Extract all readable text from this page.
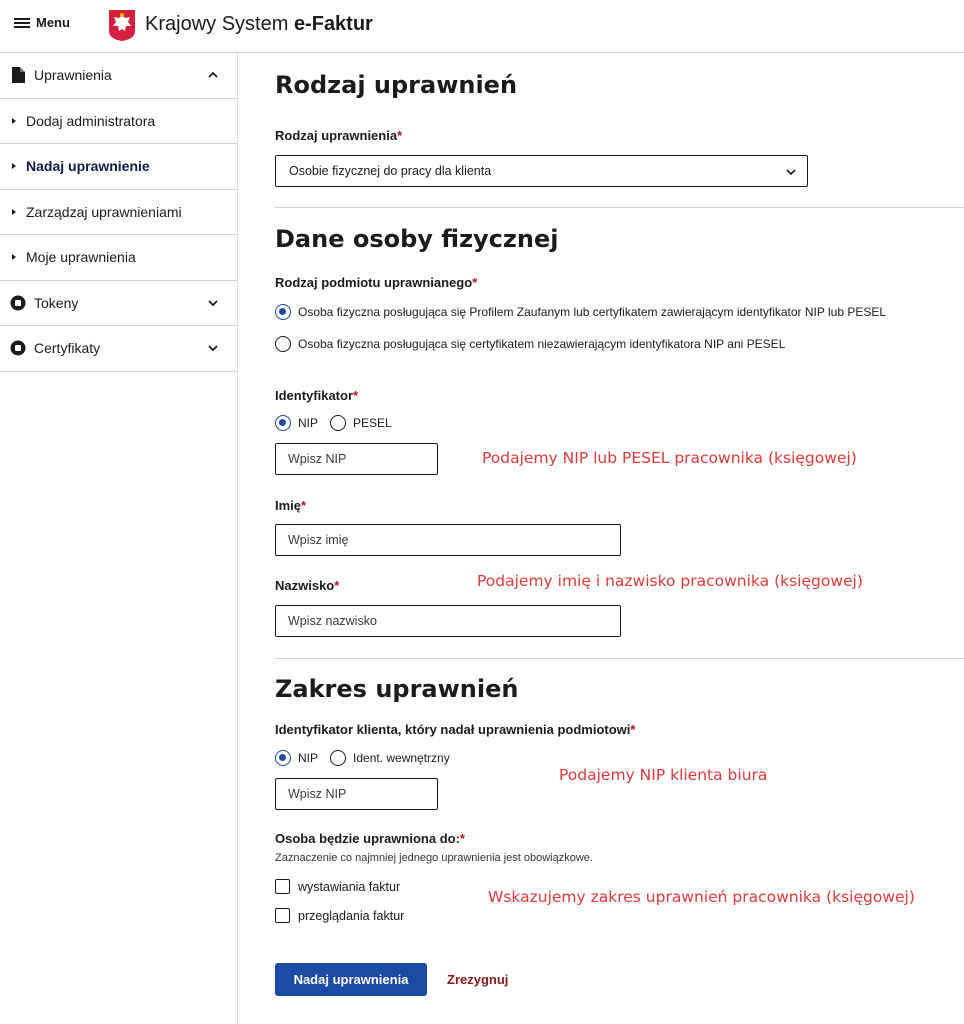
Menu	Krajowy System e-Faktur
Uprawnienia
Dodaj administratora
Nadaj uprawnienie
Zarządzaj uprawnieniami
Moje uprawnienia
Tokeny
Certyfikaty
Rodzaj uprawnień
Rodzaj uprawnienia*
Osobie fizycznej do pracy dla klienta
Dane osoby fizycznej
Rodzaj podmiotu uprawnianego*
Osoba fizyczna posługująca się Profilem Zaufanym lub certyfikatem zawierającym identyfikator NIP lub PESEL
Osoba fizyczna posługująca się certyfikatem niezawierającym identyfikatora NIP ani PESEL
Identyfikator*
NIP	PESEL
Wpisz NIP
Imię*
Wpisz imię
Nazwisko*
Wpisz nazwisko
Zakres uprawnień
Identyfikator klienta, który nadał uprawnienia podmiotowi*
NIP	Ident. wewnętrzny
Wpisz NIP
Osoba będzie uprawniona do:*
Zaznaczenie co najmniej jednego uprawnienia jest obowiązkowe.
wystawiania faktur
przeglądania faktur
Nadaj uprawnienia	Zrezygnuj
Podajemy NIP lub PESEL pracownika (księgowej)
Podajemy imię i nazwisko pracownika (księgowej)
Podajemy NIP klienta biura
Wskazujemy zakres uprawnień pracownika (księgowej)
